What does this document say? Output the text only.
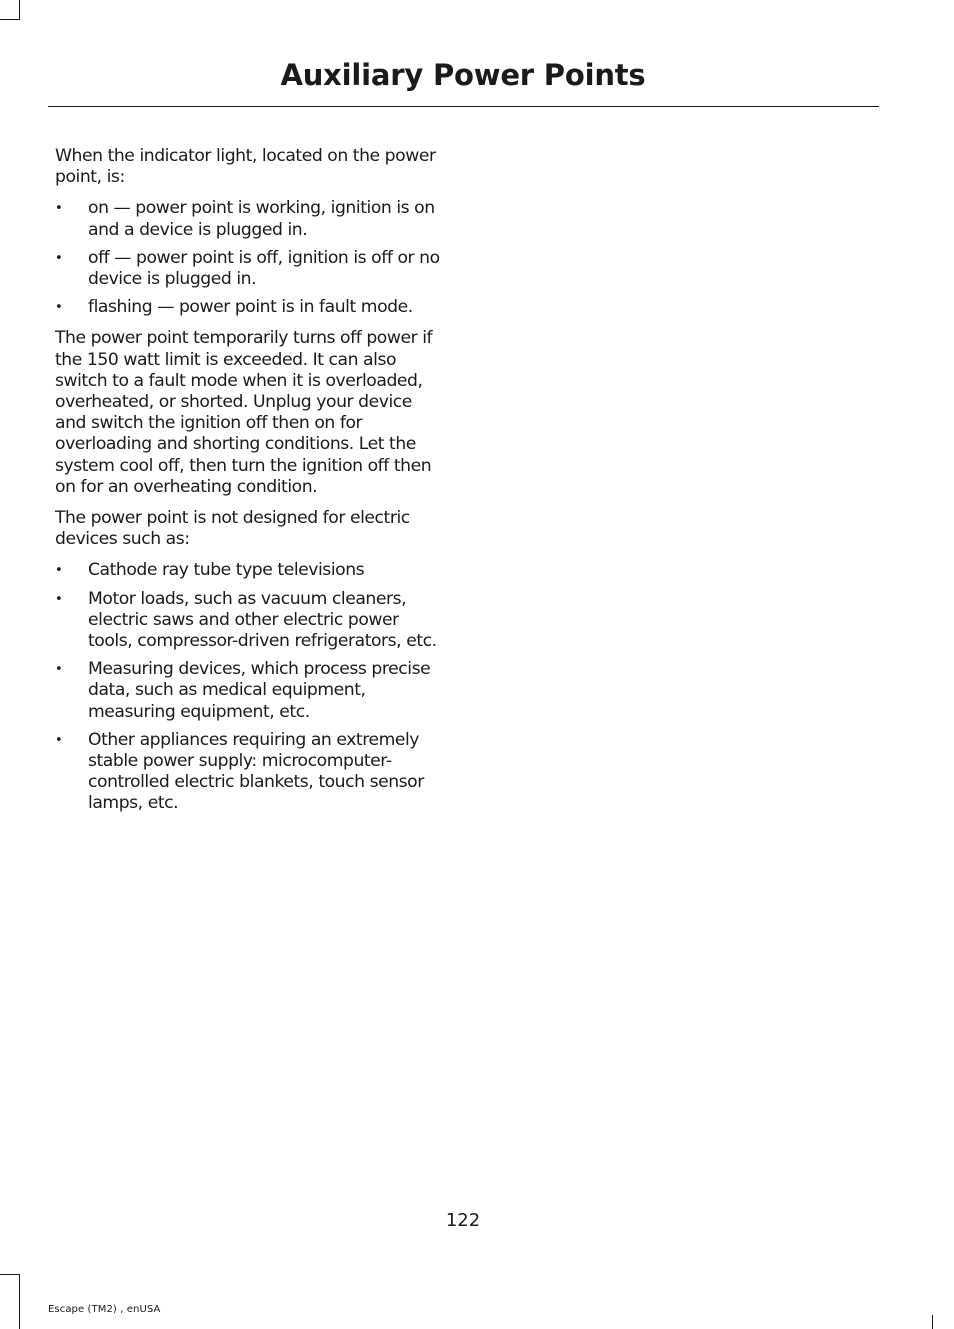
Auxiliary Power Points

When the indicator light, located on the power point, is:

• on — power point is working, ignition is on and a device is plugged in.
• off — power point is off, ignition is off or no device is plugged in.
• flashing — power point is in fault mode.

The power point temporarily turns off power if the 150 watt limit is exceeded. It can also switch to a fault mode when it is overloaded, overheated, or shorted. Unplug your device and switch the ignition off then on for overloading and shorting conditions. Let the system cool off, then turn the ignition off then on for an overheating condition.

The power point is not designed for electric devices such as:

• Cathode ray tube type televisions
• Motor loads, such as vacuum cleaners, electric saws and other electric power tools, compressor-driven refrigerators, etc.
• Measuring devices, which process precise data, such as medical equipment, measuring equipment, etc.
• Other appliances requiring an extremely stable power supply: microcomputer-controlled electric blankets, touch sensor lamps, etc.
122
Escape (TM2) , enUSA
